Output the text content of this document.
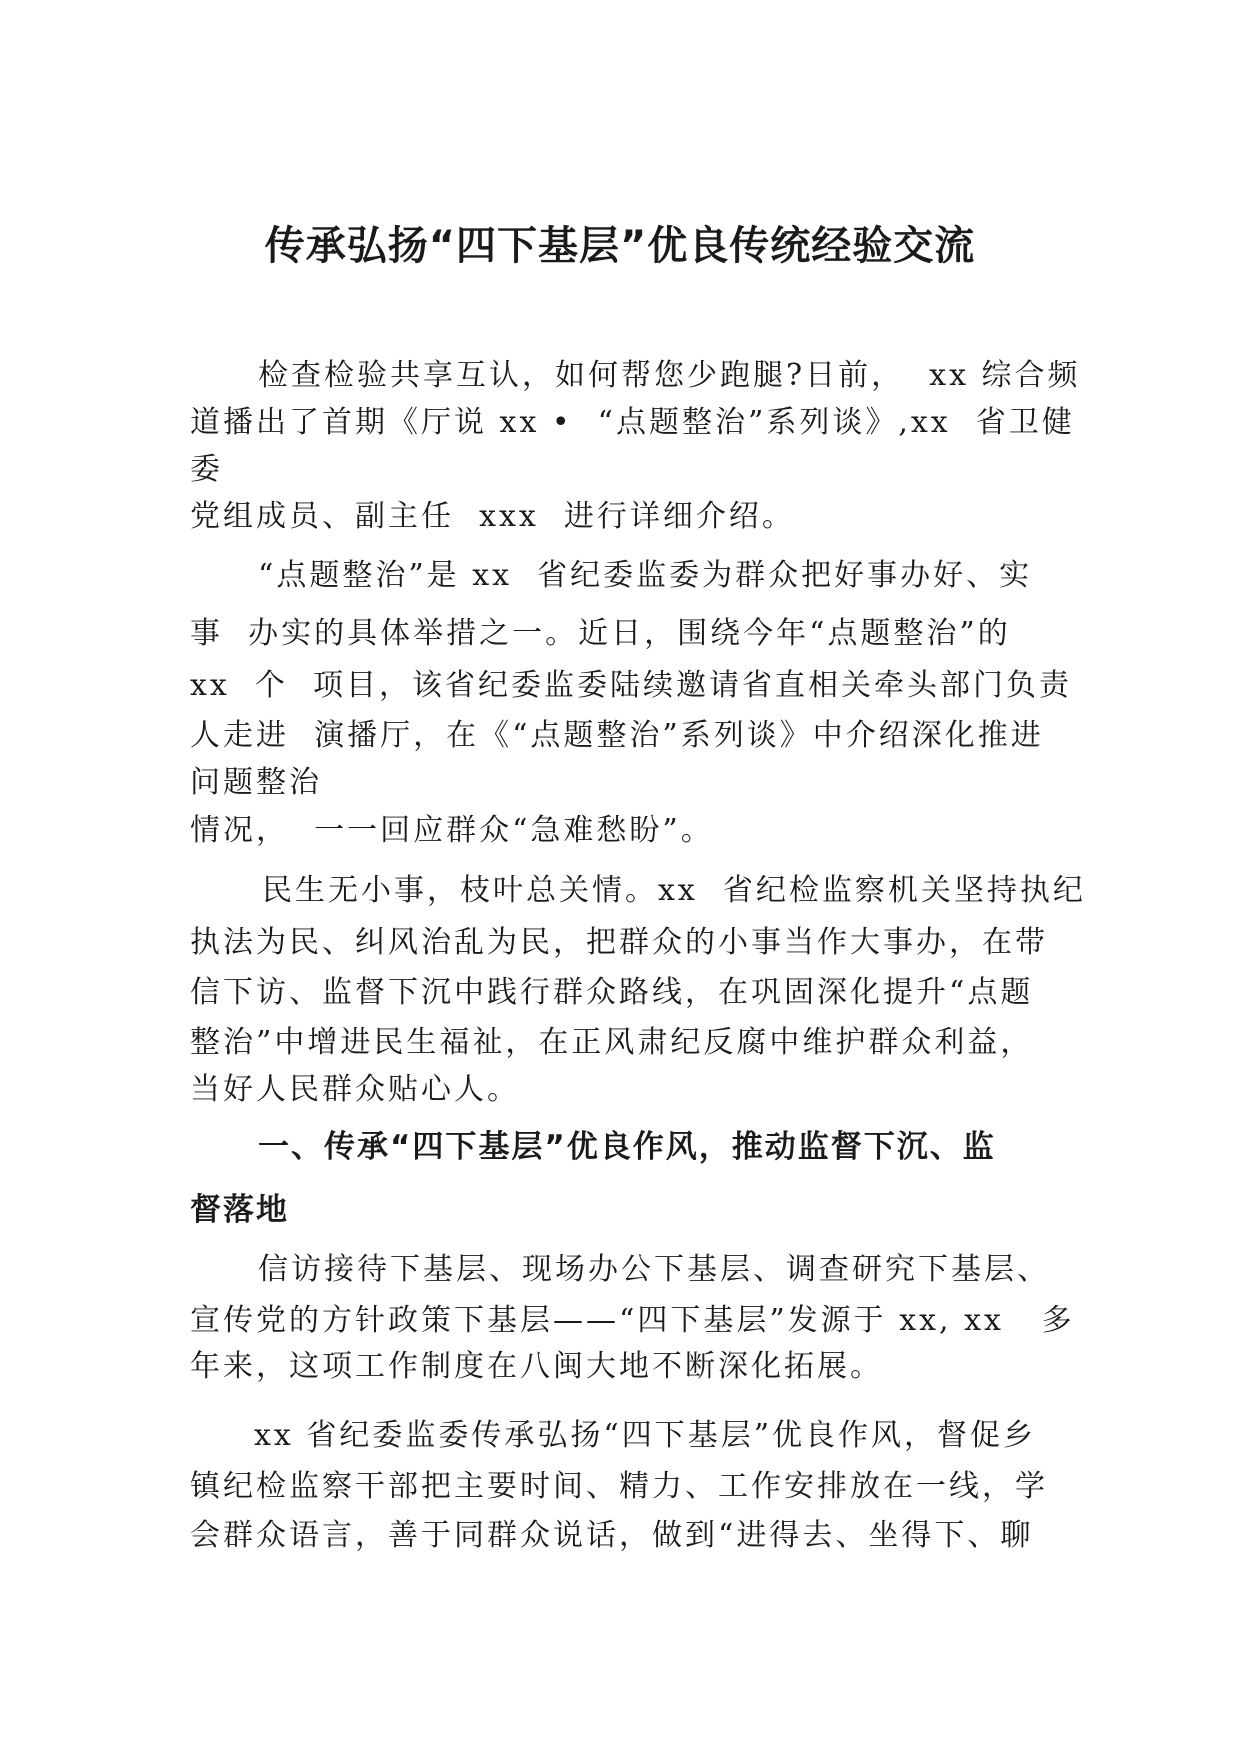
传承弘扬“四下基层”优良传统经验交流
检查检验共享互认，如何帮您少跑腿?日前，  xx 综合频
道播出了首期《厅说 xx •  “点题整治”系列谈》,xx  省卫健
委
党组成员、副主任  xxx  进行详细介绍。
“点题整治”是 xx  省纪委监委为群众把好事办好、实
事  办实的具体举措之一。近日，围绕今年“点题整治”的
xx  个  项目，该省纪委监委陆续邀请省直相关牵头部门负责
人走进  演播厅，在《“点题整治”系列谈》中介绍深化推进
问题整治
情况，  一一回应群众“急难愁盼”。
民生无小事，枝叶总关情。xx  省纪检监察机关坚持执纪
执法为民、纠风治乱为民，把群众的小事当作大事办，在带
信下访、监督下沉中践行群众路线，在巩固深化提升“点题
整治”中增进民生福祉，在正风肃纪反腐中维护群众利益，
当好人民群众贴心人。
一、传承“四下基层”优良作风，推动监督下沉、监
督落地
信访接待下基层、现场办公下基层、调查研究下基层、
宣传党的方针政策下基层——“四下基层”发源于 xx, xx   多
年来，这项工作制度在八闽大地不断深化拓展。
xx 省纪委监委传承弘扬“四下基层”优良作风，督促乡
镇纪检监察干部把主要时间、精力、工作安排放在一线，学
会群众语言，善于同群众说话，做到“进得去、坐得下、聊
